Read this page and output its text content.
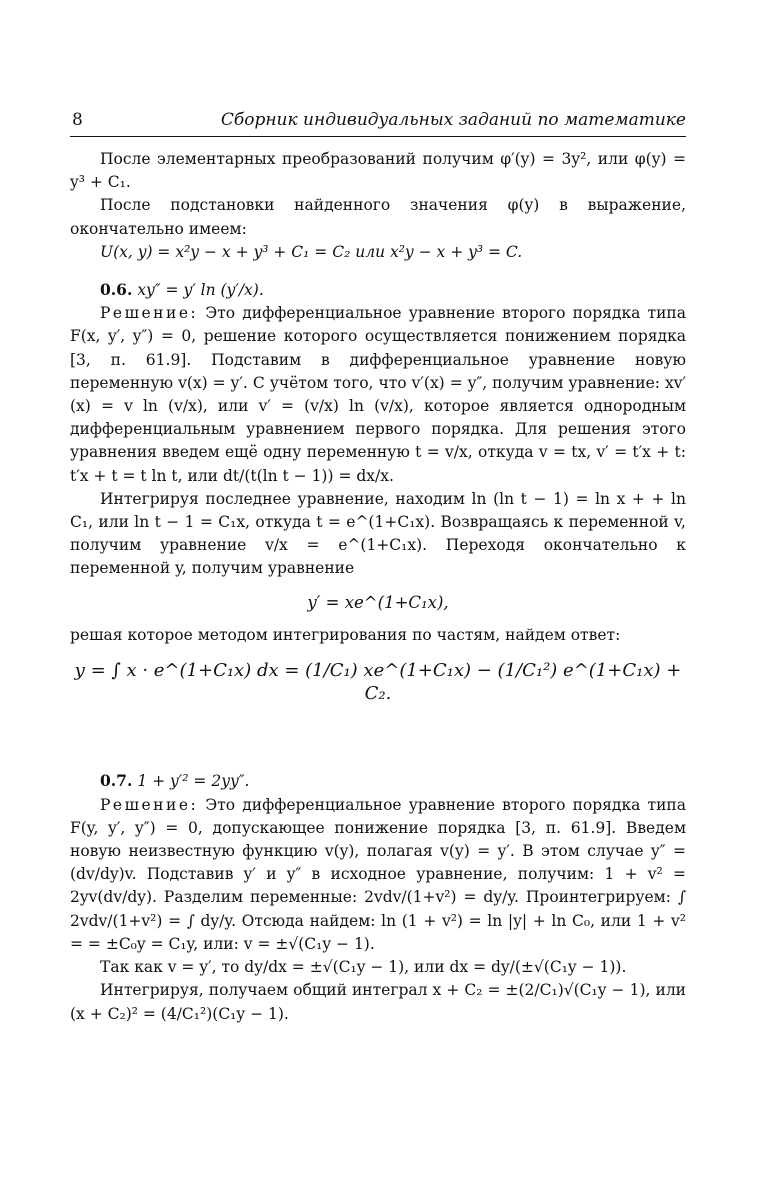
8	Сборник индивидуальных заданий по математике

После элементарных преобразований получим φ′(y) = 3y², или φ(y) = y³ + C₁.

После подстановки найденного значения φ(y) в выражение, окончательно имеем:

U(x, y) = x²y − x + y³ + C₁ = C₂ или x²y − x + y³ = C.

0.6. xy″ = y′ ln (y′/x).

Решение: Это дифференциальное уравнение второго порядка типа F(x, y′, y″) = 0, решение которого осуществляется понижением порядка [3, п. 61.9]. Подставим в дифференциальное уравнение новую переменную v(x) = y′. С учётом того, что v′(x) = y″, получим уравнение: xv′(x) = v ln (v/x), или v′ = (v/x) ln (v/x), которое является однородным дифференциальным уравнением первого порядка. Для решения этого уравнения введем ещё одну переменную t = v/x, откуда v = tx, v′ = t′x + t: t′x + t = t ln t, или dt/(t(ln t − 1)) = dx/x.

Интегрируя последнее уравнение, находим ln (ln t − 1) = ln x + + ln C₁, или ln t − 1 = C₁x, откуда t = e^(1+C₁x). Возвращаясь к переменной v, получим уравнение v/x = e^(1+C₁x). Переходя окончательно к переменной y, получим уравнение

y′ = xe^(1+C₁x),

решая которое методом интегрирования по частям, найдем ответ:

y = ∫ x · e^(1+C₁x) dx = (1/C₁) xe^(1+C₁x) − (1/C₁²) e^(1+C₁x) + C₂.

0.7. 1 + y′² = 2yy″.

Решение: Это дифференциальное уравнение второго порядка типа F(y, y′, y″) = 0, допускающее понижение порядка [3, п. 61.9]. Введем новую неизвестную функцию v(y), полагая v(y) = y′. В этом случае y″ = (dv/dy)v. Подставив y′ и y″ в исходное уравнение, получим: 1 + v² = 2yv(dv/dy). Разделим переменные: 2vdv/(1+v²) = dy/y. Проинтегрируем: ∫ 2vdv/(1+v²) = ∫ dy/y. Отсюда найдем: ln (1 + v²) = ln |y| + ln C₀, или 1 + v² = = ±C₀y = C₁y, или: v = ±√(C₁y − 1).

Так как v = y′, то dy/dx = ±√(C₁y − 1), или dx = dy/(±√(C₁y − 1)).

Интегрируя, получаем общий интеграл x + C₂ = ±(2/C₁)√(C₁y − 1), или (x + C₂)² = (4/C₁²)(C₁y − 1).
